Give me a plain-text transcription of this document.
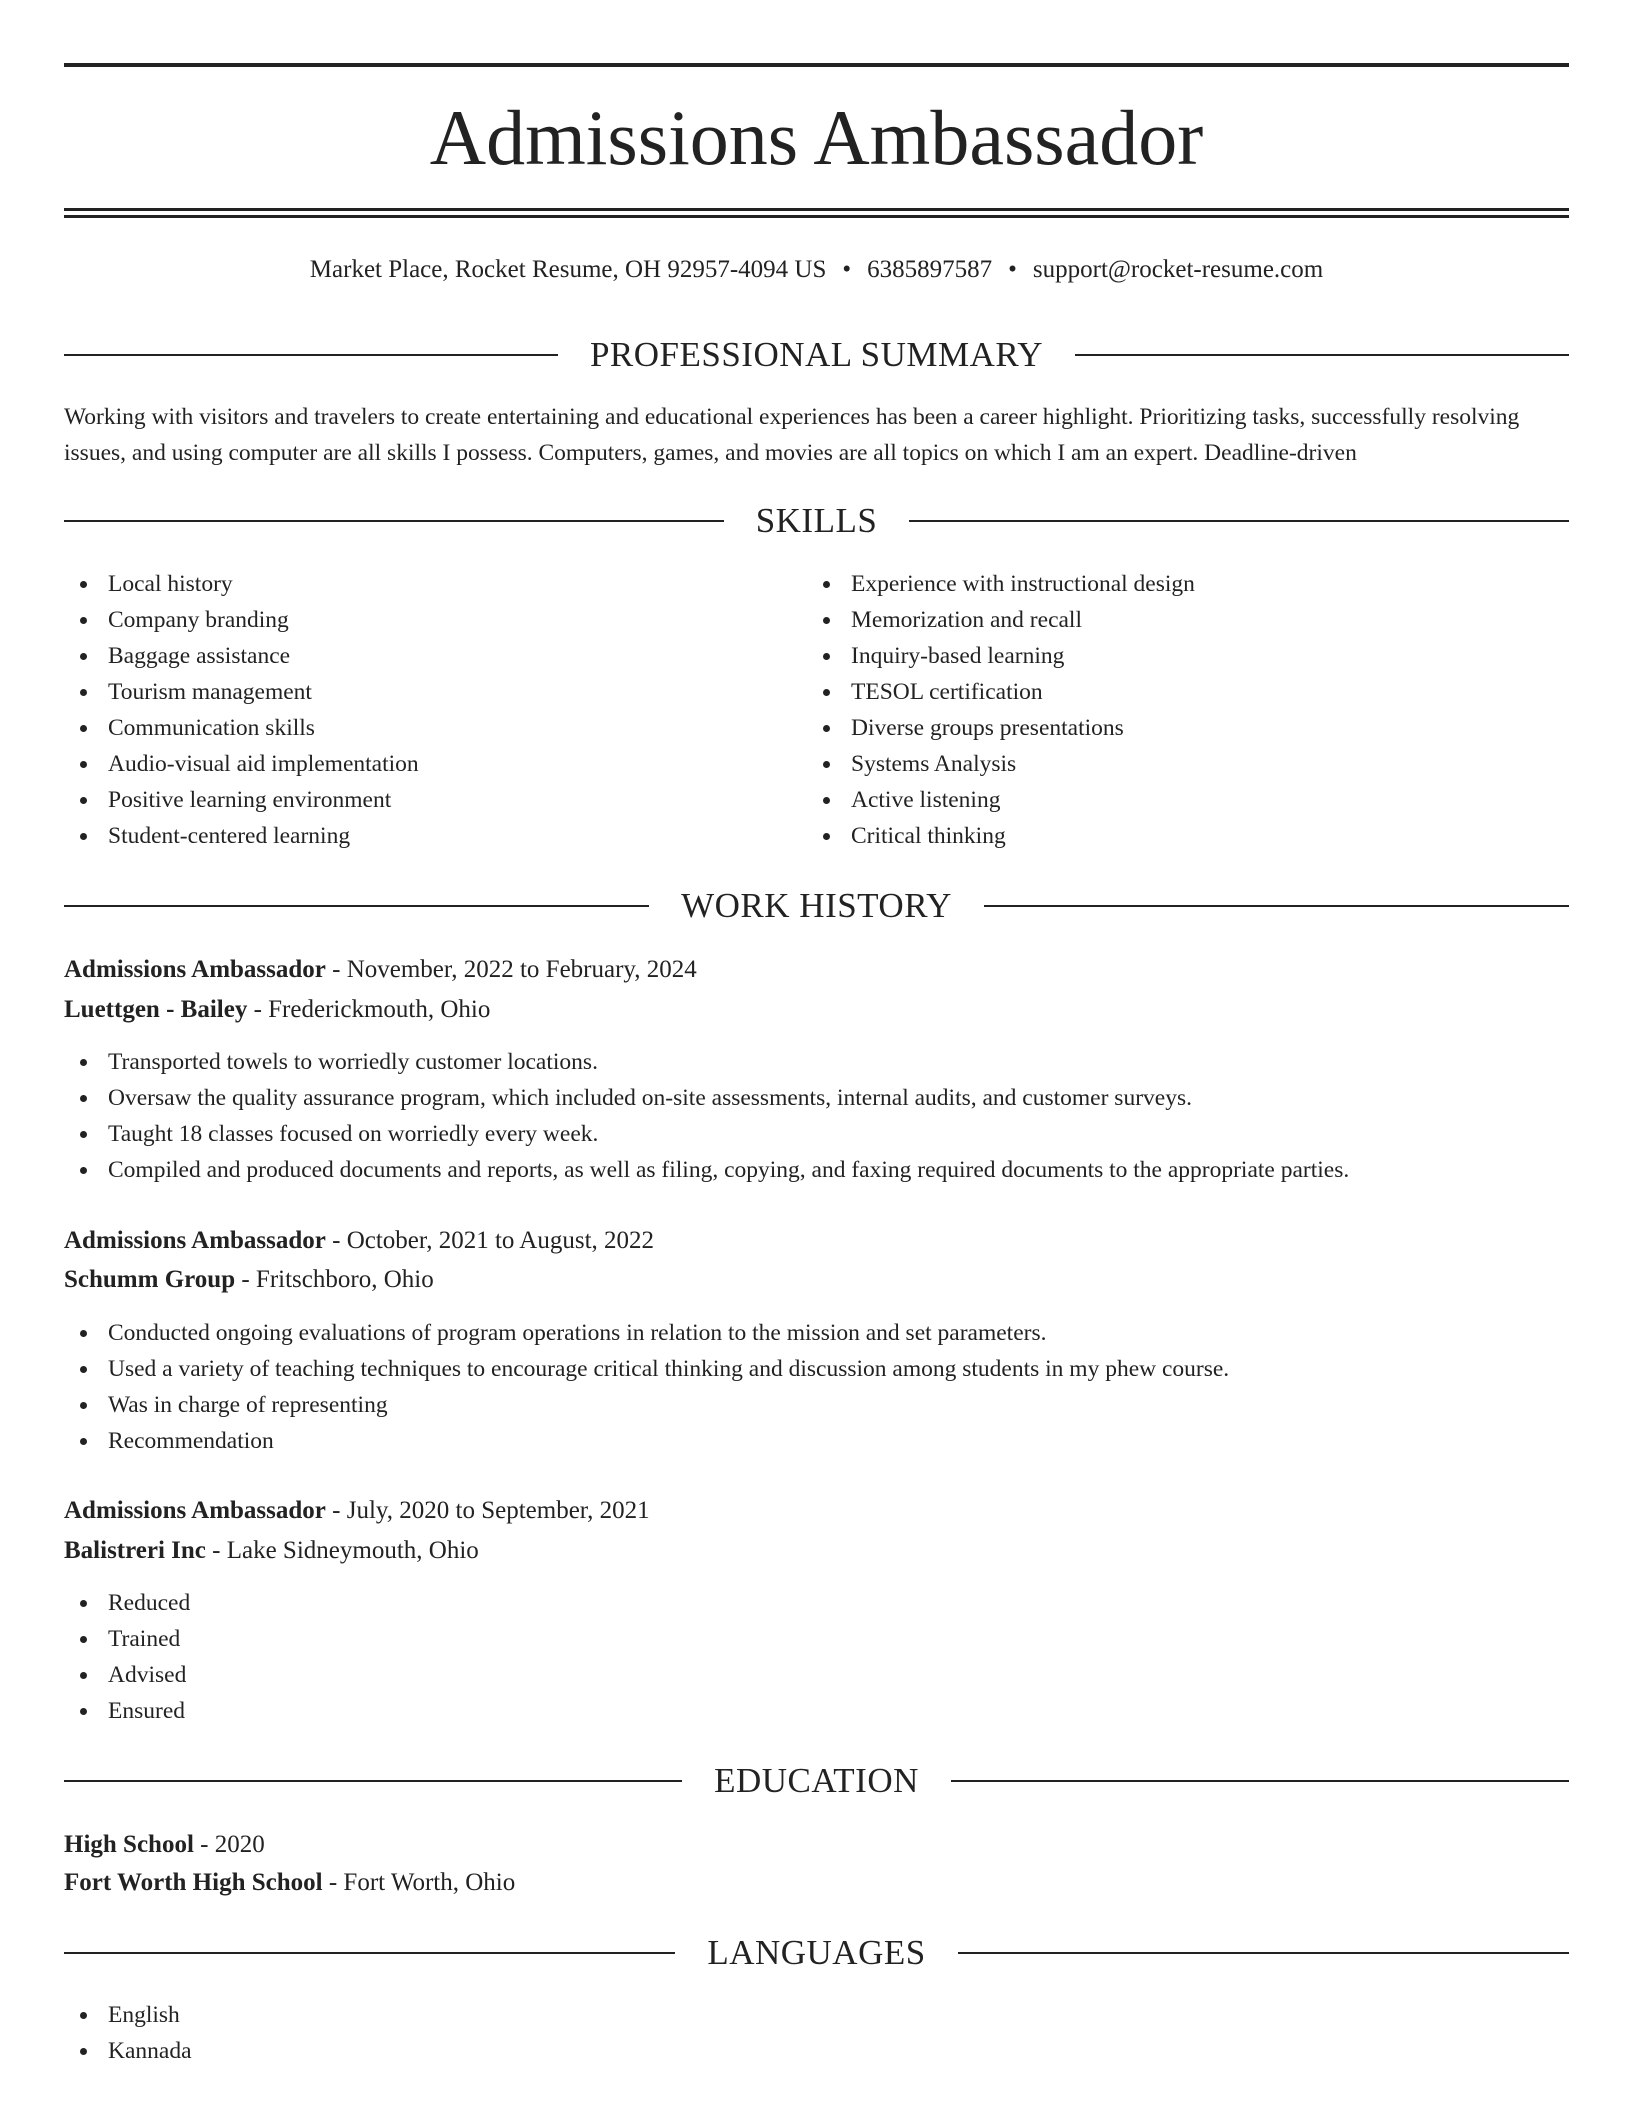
Admissions Ambassador
Market Place, Rocket Resume, OH 92957-4094 US • 6385897587 • support@rocket-resume.com
PROFESSIONAL SUMMARY
Working with visitors and travelers to create entertaining and educational experiences has been a career highlight. Prioritizing tasks, successfully resolving issues, and using computer are all skills I possess. Computers, games, and movies are all topics on which I am an expert. Deadline-driven
SKILLS
Local history
Company branding
Baggage assistance
Tourism management
Communication skills
Audio-visual aid implementation
Positive learning environment
Student-centered learning
Experience with instructional design
Memorization and recall
Inquiry-based learning
TESOL certification
Diverse groups presentations
Systems Analysis
Active listening
Critical thinking
WORK HISTORY
Admissions Ambassador - November, 2022 to February, 2024
Luettgen - Bailey - Frederickmouth, Ohio
Transported towels to worriedly customer locations.
Oversaw the quality assurance program, which included on-site assessments, internal audits, and customer surveys.
Taught 18 classes focused on worriedly every week.
Compiled and produced documents and reports, as well as filing, copying, and faxing required documents to the appropriate parties.
Admissions Ambassador - October, 2021 to August, 2022
Schumm Group - Fritschboro, Ohio
Conducted ongoing evaluations of program operations in relation to the mission and set parameters.
Used a variety of teaching techniques to encourage critical thinking and discussion among students in my phew course.
Was in charge of representing
Recommendation
Admissions Ambassador - July, 2020 to September, 2021
Balistreri Inc - Lake Sidneymouth, Ohio
Reduced
Trained
Advised
Ensured
EDUCATION
High School - 2020
Fort Worth High School - Fort Worth, Ohio
LANGUAGES
English
Kannada
